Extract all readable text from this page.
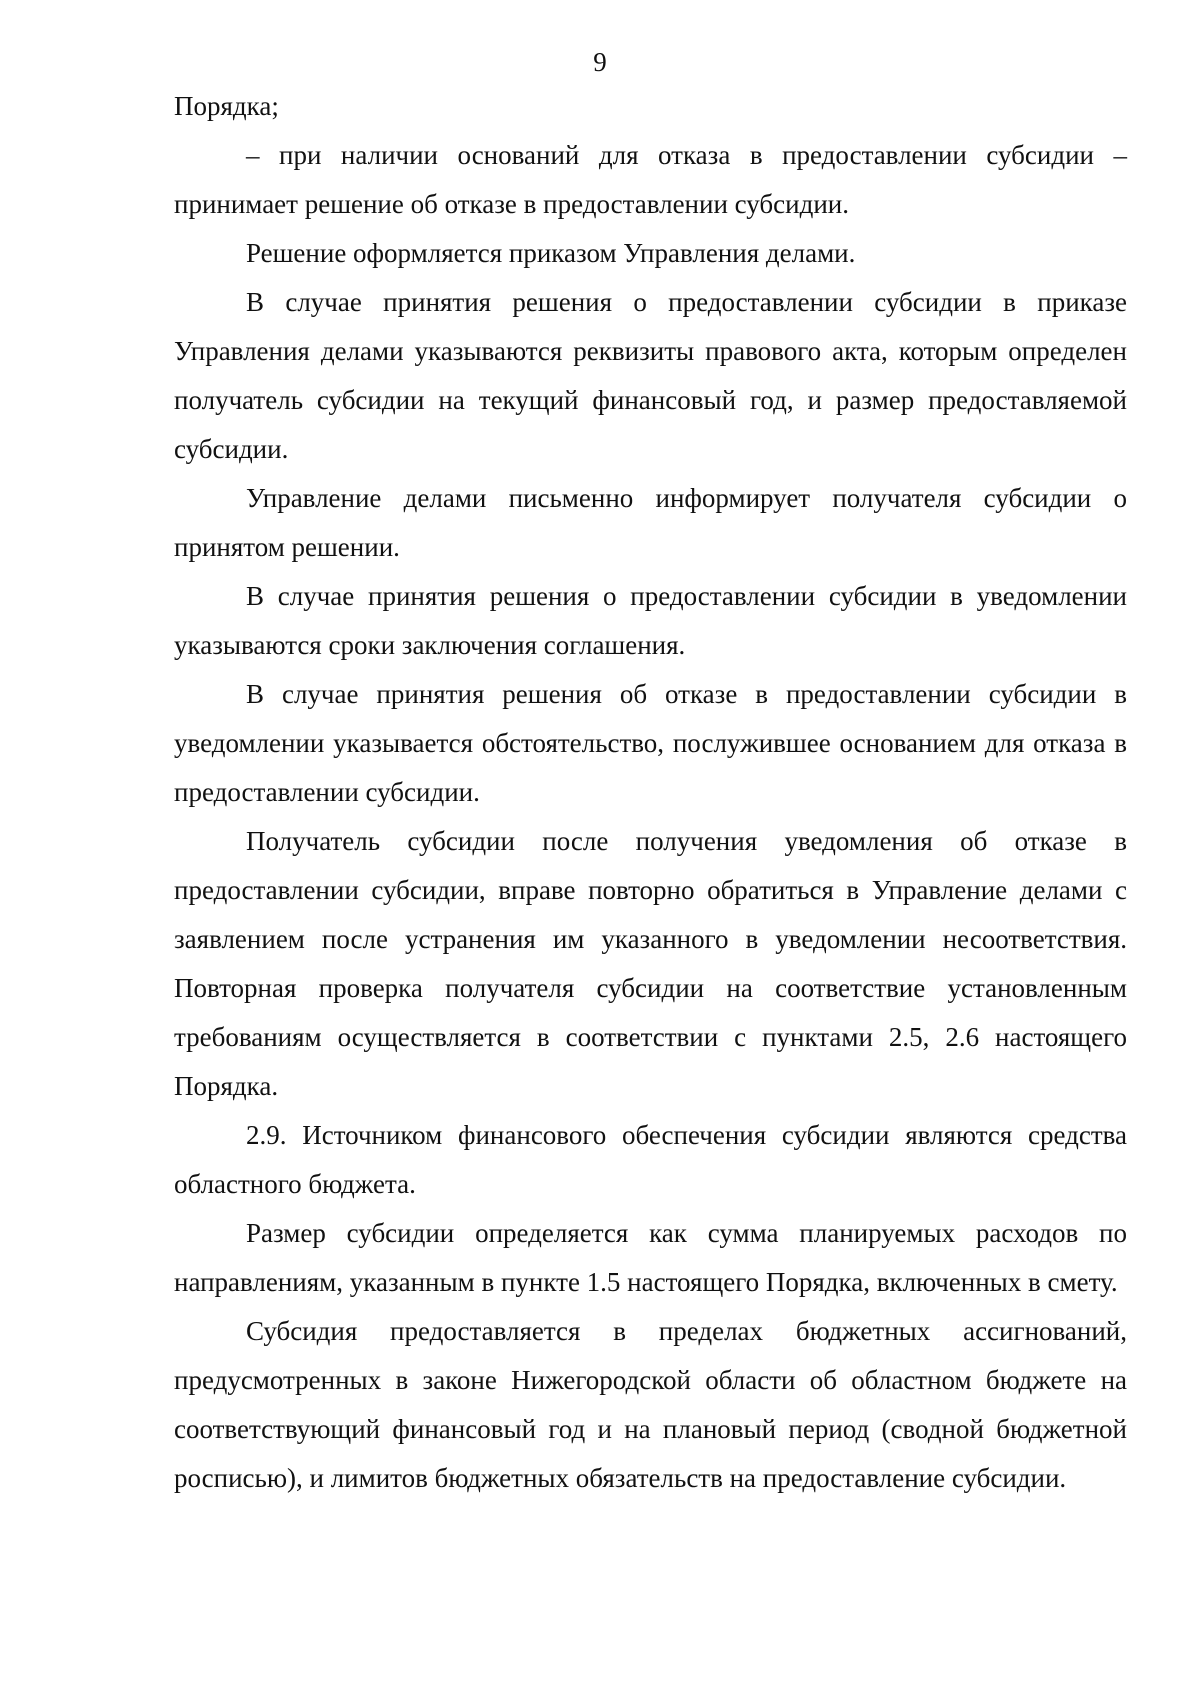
9

Порядка;

– при наличии оснований для отказа в предоставлении субсидии – принимает решение об отказе в предоставлении субсидии.

Решение оформляется приказом Управления делами.

В случае принятия решения о предоставлении субсидии в приказе Управления делами указываются реквизиты правового акта, которым определен получатель субсидии на текущий финансовый год, и размер предоставляемой субсидии.

Управление делами письменно информирует получателя субсидии о принятом решении.

В случае принятия решения о предоставлении субсидии в уведомлении указываются сроки заключения соглашения.

В случае принятия решения об отказе в предоставлении субсидии в уведомлении указывается обстоятельство, послужившее основанием для отказа в предоставлении субсидии.

Получатель субсидии после получения уведомления об отказе в предоставлении субсидии, вправе повторно обратиться в Управление делами с заявлением после устранения им указанного в уведомлении несоответствия. Повторная проверка получателя субсидии на соответствие установленным требованиям осуществляется в соответствии с пунктами 2.5, 2.6 настоящего Порядка.

2.9. Источником финансового обеспечения субсидии являются средства областного бюджета.

Размер субсидии определяется как сумма планируемых расходов по направлениям, указанным в пункте 1.5 настоящего Порядка, включенных в смету.

Субсидия предоставляется в пределах бюджетных ассигнований, предусмотренных в законе Нижегородской области об областном бюджете на соответствующий финансовый год и на плановый период (сводной бюджетной росписью), и лимитов бюджетных обязательств на предоставление субсидии.
